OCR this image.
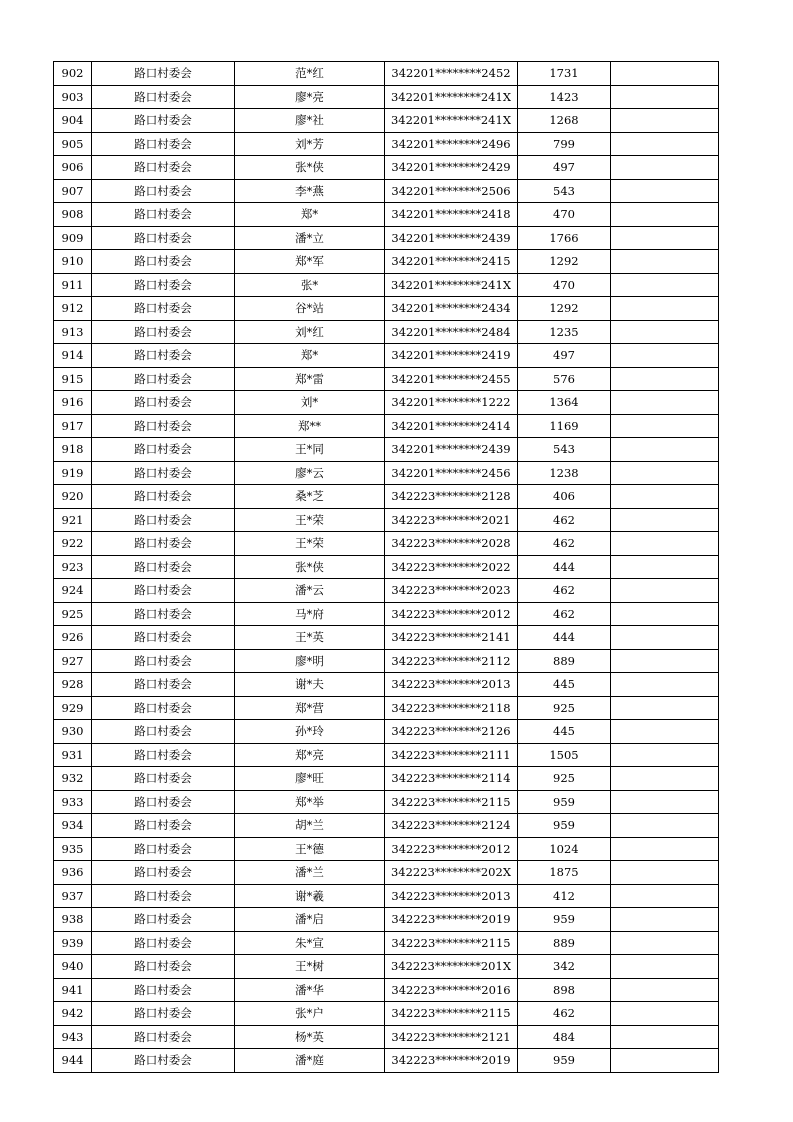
902	路口村委会	范*红	342201********2452	1731	
903	路口村委会	廖*亮	342201********241X	1423	
904	路口村委会	廖*社	342201********241X	1268	
905	路口村委会	刘*芳	342201********2496	799	
906	路口村委会	张*侠	342201********2429	497	
907	路口村委会	李*燕	342201********2506	543	
908	路口村委会	郑*	342201********2418	470	
909	路口村委会	潘*立	342201********2439	1766	
910	路口村委会	郑*军	342201********2415	1292	
911	路口村委会	张*	342201********241X	470	
912	路口村委会	谷*站	342201********2434	1292	
913	路口村委会	刘*红	342201********2484	1235	
914	路口村委会	郑*	342201********2419	497	
915	路口村委会	郑*雷	342201********2455	576	
916	路口村委会	刘*	342201********1222	1364	
917	路口村委会	郑**	342201********2414	1169	
918	路口村委会	王*同	342201********2439	543	
919	路口村委会	廖*云	342201********2456	1238	
920	路口村委会	桑*芝	342223********2128	406	
921	路口村委会	王*荣	342223********2021	462	
922	路口村委会	王*荣	342223********2028	462	
923	路口村委会	张*侠	342223********2022	444	
924	路口村委会	潘*云	342223********2023	462	
925	路口村委会	马*府	342223********2012	462	
926	路口村委会	王*英	342223********2141	444	
927	路口村委会	廖*明	342223********2112	889	
928	路口村委会	谢*夫	342223********2013	445	
929	路口村委会	郑*营	342223********2118	925	
930	路口村委会	孙*玲	342223********2126	445	
931	路口村委会	郑*亮	342223********2111	1505	
932	路口村委会	廖*旺	342223********2114	925	
933	路口村委会	郑*举	342223********2115	959	
934	路口村委会	胡*兰	342223********2124	959	
935	路口村委会	王*德	342223********2012	1024	
936	路口村委会	潘*兰	342223********202X	1875	
937	路口村委会	谢*羲	342223********2013	412	
938	路口村委会	潘*启	342223********2019	959	
939	路口村委会	朱*宣	342223********2115	889	
940	路口村委会	王*树	342223********201X	342	
941	路口村委会	潘*华	342223********2016	898	
942	路口村委会	张*户	342223********2115	462	
943	路口村委会	杨*英	342223********2121	484	
944	路口村委会	潘*庭	342223********2019	959	
